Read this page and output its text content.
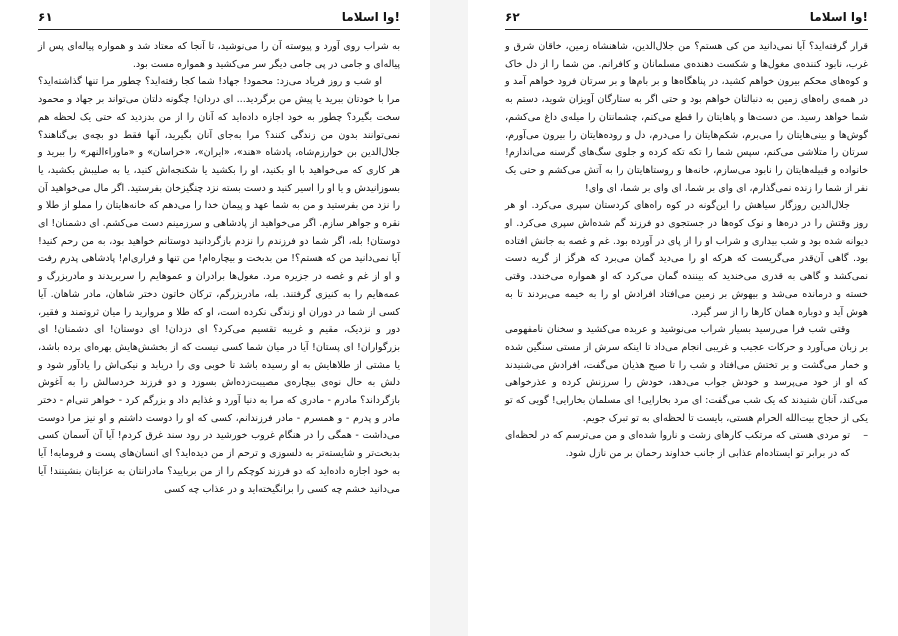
۶۱	وا اسلاما!

به شراب روی آورد و پیوسته آن را می‌نوشید، تا آنجا که معتاد شد و همواره پیاله‌ای پس از پیاله‌ای و جامی در پی جامی دیگر سر می‌کشید و همواره مست بود.

او شب و روز فریاد می‌زد: محمود! جهاد! شما کجا رفته‌اید؟ چطور مرا تنها گذاشته‌اید؟ مرا با خودتان ببرید یا پیش من برگردید... ای دردان! چگونه دلتان می‌تواند بر جهاد و محمود سخت بگیرد؟ چطور به خود اجازه داده‌اید که آنان را از من بدزدید که حتی یک لحظه هم نمی‌توانند بدون من زندگی کنند؟ مرا به‌جای آنان بگیرید، آنها فقط دو بچه‌ی بی‌گناهند؟ جلال‌الدین بن خوارزم‌شاه، پادشاه «هند»، «ایران»، «خراسان» و «ماوراءالنهر» را ببرید و هر کاری که می‌خواهید با او بکنید، او را بکشید یا شکنجه‌اش کنید، یا به صلیبش بکشید، یا بسوزانیدش و یا او را اسیر کنید و دست بسته نزد چنگیزخان بفرستید. اگر مال می‌خواهید آن را نزد من بفرستید و من به شما عهد و پیمان خدا را می‌دهم که خانه‌هایتان را مملو از طلا و نقره و جواهر سازم. اگر می‌خواهید از پادشاهی و سرزمینم دست می‌کشم. ای دشمنان! ای دوستان! بله، اگر شما دو فرزندم را نزدم بازگردانید دوستانم خواهید بود، به من رحم کنید! آیا نمی‌دانید من که هستم؟! من بدبخت و بیچاره‌ام! من تنها و فراری‌ام! پادشاهی پدرم رفت و او از غم و غصه در جزیره مرد. مغول‌ها برادران و عموهایم را سربریدند و مادربزرگ و عمه‌هایم را به کنیزی گرفتند. بله، مادربزرگم، ترکان خاتون دختر شاهان، مادر شاهان. آیا کسی از شما در دوران او زندگی نکرده است، او که طلا و مروارید را میان ثروتمند و فقیر، دور و نزدیک، مقیم و غریبه تقسیم می‌کرد؟ ای دزدان! ای دوستان! ای دشمنان! ای بزرگواران! ای پستان! آیا در میان شما کسی نیست که از بخشش‌هایش بهره‌ای برده باشد، یا مشتی از طلاهایش به او رسیده باشد تا خوبی وی را دریابد و نیکی‌اش را یادآور شود و دلش به حال نوه‌ی بیچاره‌ی مصیبت‌زده‌اش بسوزد و دو فرزند خردسالش را به آغوش بازگرداند؟ مادرم - مادری که مرا به دنیا آورد و غذایم داد و بزرگم کرد - خواهر تنی‌ام - دختر مادر و پدرم - و همسرم - مادر فرزندانم، کسی که او را دوست داشتم و او نیز مرا دوست می‌داشت - همگی را در هنگام غروب خورشید در رود سند غرق کردم! آیا آن آسمان کسی بدبخت‌تر و شایسته‌تر به دلسوزی و ترحم از من دیده‌اید؟ ای انسان‌های پست و فرومایه! آیا به خود اجازه داده‌اید که دو فرزند کوچکم را از من بربایید؟ مادرانتان به عزایتان بنشینند! آیا می‌دانید خشم چه کسی را برانگیخته‌اید و در عذاب چه کسی

۶۲	وا اسلاما!

قرار گرفته‌اید؟ آیا نمی‌دانید من کی هستم؟ من جلال‌الدین، شاهنشاه زمین، خاقان شرق و غرب، نابود کننده‌ی مغول‌ها و شکست دهنده‌ی مسلمانان و کافرانم. من شما را از دل خاک و کوه‌های محکم بیرون خواهم کشید، در پناهگاه‌ها و بر بام‌ها و بر سرتان فرود خواهم آمد و در همه‌ی راه‌های زمین به دنبالتان خواهم بود و حتی اگر به ستارگان آویزان شوید، دستم به شما خواهد رسید. من دست‌ها و پاهایتان را قطع می‌کنم، چشمانتان را میله‌ی داغ می‌کشم، گوش‌ها و بینی‌هایتان را می‌برم، شکم‌هایتان را می‌درم، دل و روده‌هایتان را بیرون می‌آورم، سرتان را متلاشی می‌کنم، سپس شما را تکه تکه کرده و جلوی سگ‌های گرسنه می‌اندازم! خانواده و قبیله‌هایتان را نابود می‌سازم، خانه‌ها و روستاهایتان را به آتش می‌کشم و حتی یک نفر از شما را زنده نمی‌گذارم، ای وای بر شما، ای وای بر شما، ای وای!

جلال‌الدین روزگار سیاهش را این‌گونه در کوه راه‌های کردستان سپری می‌کرد. او هر روز وقتش را در دره‌ها و نوک کوه‌ها در جستجوی دو فرزند گم شده‌اش سپری می‌کرد. او دیوانه شده بود و شب بیداری و شراب او را از پای در آورده بود. غم و غصه به جانش افتاده بود. گاهی آن‌قدر می‌گریست که هرکه او را می‌دید گمان می‌برد که هرگز از گریه دست نمی‌کشد و گاهی به قدری می‌خندید که بیننده گمان می‌کرد که او همواره می‌خندد. وقتی خسته و درمانده می‌شد و بیهوش بر زمین می‌افتاد افرادش او را به خیمه می‌بردند تا به هوش آید و دوباره همان کارها را از سر گیرد.

وقتی شب فرا می‌رسید بسیار شراب می‌نوشید و عربده می‌کشید و سخنان نامفهومی بر زبان می‌آورد و حرکات عجیب و غریبی انجام می‌داد تا اینکه سرش از مستی سنگین شده و خمار می‌گشت و بر تختش می‌افتاد و شب را تا صبح هذیان می‌گفت، افرادش می‌شنیدند که او از خود می‌پرسد و خودش جواب می‌دهد، خودش را سرزنش کرده و عذرخواهی می‌کند، آنان شنیدند که یک شب می‌گفت: ای مرد بخارایی! ای مسلمان بخارایی! گویی که تو یکی از حجاج بیت‌الله الحرام هستی، بایست تا لحظه‌ای به تو تبرک جویم.

–
تو مردی هستی که مرتکب کارهای زشت و ناروا شده‌ای و من می‌ترسم که در لحظه‌ای که در برابر تو ایستاده‌ام عذابی از جانب خداوند رحمان بر من نازل شود.
